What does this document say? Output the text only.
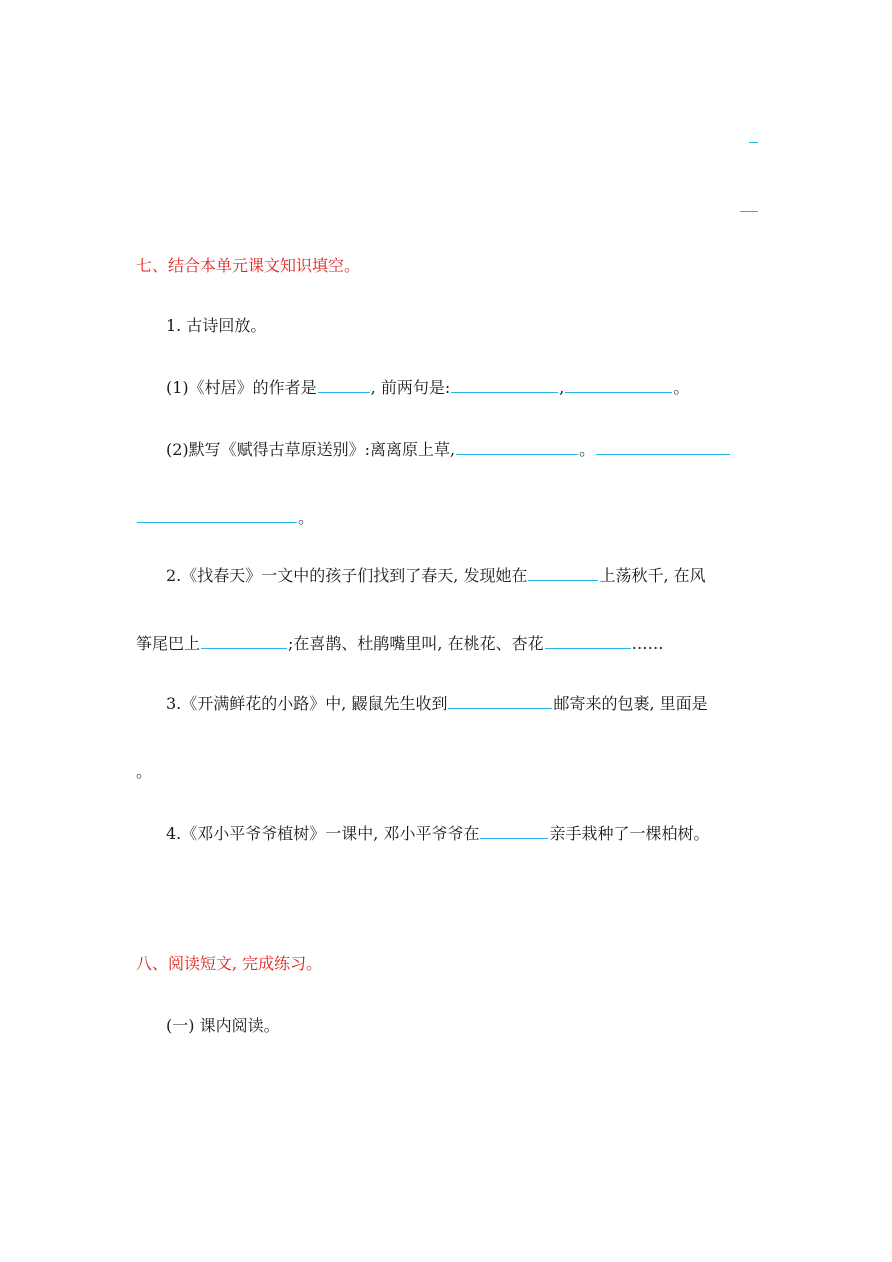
七、结合本单元课文知识填空。
1. 古诗回放。
(1)《村居》的作者是	, 前两句是:	,	。
(2)默写《赋得古草原送别》:离离原上草,	。
。
2.《找春天》一文中的孩子们找到了春天, 发现她在	上荡秋千, 在风
筝尾巴上	;在喜鹊、杜鹃嘴里叫, 在桃花、杏花	……
3.《开满鲜花的小路》中, 鼹鼠先生收到	邮寄来的包裹, 里面是
。
4.《邓小平爷爷植树》一课中, 邓小平爷爷在	亲手栽种了一棵柏树。
八、阅读短文, 完成练习。
(一) 课内阅读。
